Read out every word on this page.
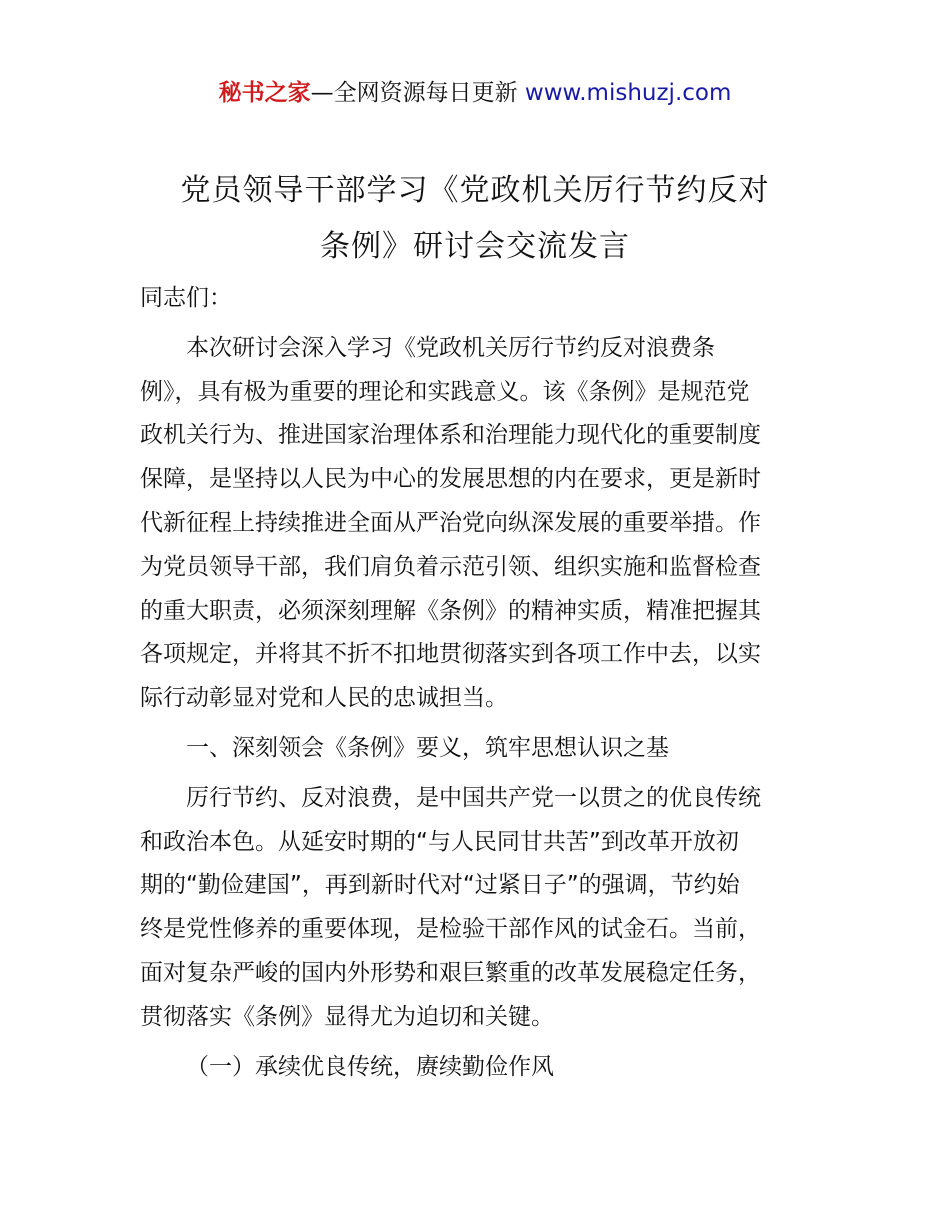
秘书之家—全网资源每日更新 www.mishuzj.com
党员领导干部学习《党政机关厉行节约反对
条例》研讨会交流发言

同志们：

本次研讨会深入学习《党政机关厉行节约反对浪费条
例》，具有极为重要的理论和实践意义。该《条例》是规范党
政机关行为、推进国家治理体系和治理能力现代化的重要制度
保障，是坚持以人民为中心的发展思想的内在要求，更是新时
代新征程上持续推进全面从严治党向纵深发展的重要举措。作
为党员领导干部，我们肩负着示范引领、组织实施和监督检查
的重大职责，必须深刻理解《条例》的精神实质，精准把握其
各项规定，并将其不折不扣地贯彻落实到各项工作中去，以实
际行动彰显对党和人民的忠诚担当。

一、深刻领会《条例》要义，筑牢思想认识之基

厉行节约、反对浪费，是中国共产党一以贯之的优良传统
和政治本色。从延安时期的“与人民同甘共苦”到改革开放初
期的“勤俭建国”，再到新时代对“过紧日子”的强调，节约始
终是党性修养的重要体现，是检验干部作风的试金石。当前，
面对复杂严峻的国内外形势和艰巨繁重的改革发展稳定任务，
贯彻落实《条例》显得尤为迫切和关键。

（一）承续优良传统，赓续勤俭作风
